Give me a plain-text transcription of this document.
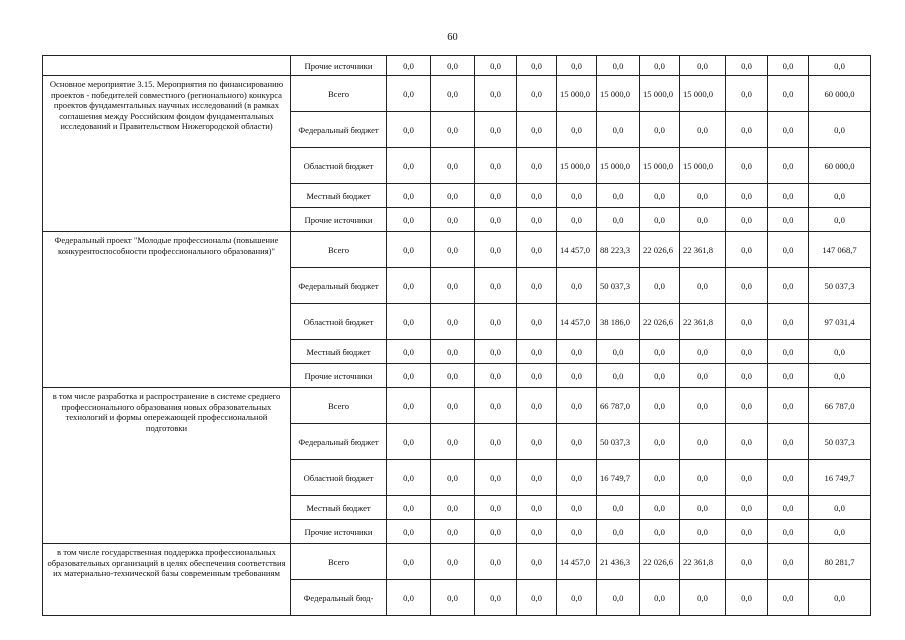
60
	Прочие источники	0,0	0,0	0,0	0,0	0,0	0,0	0,0	0,0	0,0	0,0	0,0
Основное мероприятие 3.15. Мероприятия по финансированию проектов - победителей совместного (регионального) конкурса проектов фундаментальных научных исследований (в рамках соглашения между Российским фондом фундаментальных исследований и Правительством Нижегородской области)	Всего	0,0	0,0	0,0	0,0	15 000,0	15 000,0	15 000,0	15 000,0	0,0	0,0	60 000,0
	Федеральный бюджет	0,0	0,0	0,0	0,0	0,0	0,0	0,0	0,0	0,0	0,0	0,0
	Областной бюджет	0,0	0,0	0,0	0,0	15 000,0	15 000,0	15 000,0	15 000,0	0,0	0,0	60 000,0
	Местный бюджет	0,0	0,0	0,0	0,0	0,0	0,0	0,0	0,0	0,0	0,0	0,0
	Прочие источники	0,0	0,0	0,0	0,0	0,0	0,0	0,0	0,0	0,0	0,0	0,0
Федеральный проект "Молодые профессионалы (повышение конкурентоспособности профессионального образования)"	Всего	0,0	0,0	0,0	0,0	14 457,0	88 223,3	22 026,6	22 361,8	0,0	0,0	147 068,7
	Федеральный бюджет	0,0	0,0	0,0	0,0	0,0	50 037,3	0,0	0,0	0,0	0,0	50 037,3
	Областной бюджет	0,0	0,0	0,0	0,0	14 457,0	38 186,0	22 026,6	22 361,8	0,0	0,0	97 031,4
	Местный бюджет	0,0	0,0	0,0	0,0	0,0	0,0	0,0	0,0	0,0	0,0	0,0
	Прочие источники	0,0	0,0	0,0	0,0	0,0	0,0	0,0	0,0	0,0	0,0	0,0
в том числе разработка и распространение в системе среднего профессионального образования новых образовательных технологий и формы опережающей профессиональной подготовки	Всего	0,0	0,0	0,0	0,0	0,0	66 787,0	0,0	0,0	0,0	0,0	66 787,0
	Федеральный бюджет	0,0	0,0	0,0	0,0	0,0	50 037,3	0,0	0,0	0,0	0,0	50 037,3
	Областной бюджет	0,0	0,0	0,0	0,0	0,0	16 749,7	0,0	0,0	0,0	0,0	16 749,7
	Местный бюджет	0,0	0,0	0,0	0,0	0,0	0,0	0,0	0,0	0,0	0,0	0,0
	Прочие источники	0,0	0,0	0,0	0,0	0,0	0,0	0,0	0,0	0,0	0,0	0,0
в том числе государственная поддержка профессиональных образовательных организаций в целях обеспечения соответствия их материально-технической базы современным требованиям	Всего	0,0	0,0	0,0	0,0	14 457,0	21 436,3	22 026,6	22 361,8	0,0	0,0	80 281,7
	Федеральный бюд-	0,0	0,0	0,0	0,0	0,0	0,0	0,0	0,0	0,0	0,0	0,0
